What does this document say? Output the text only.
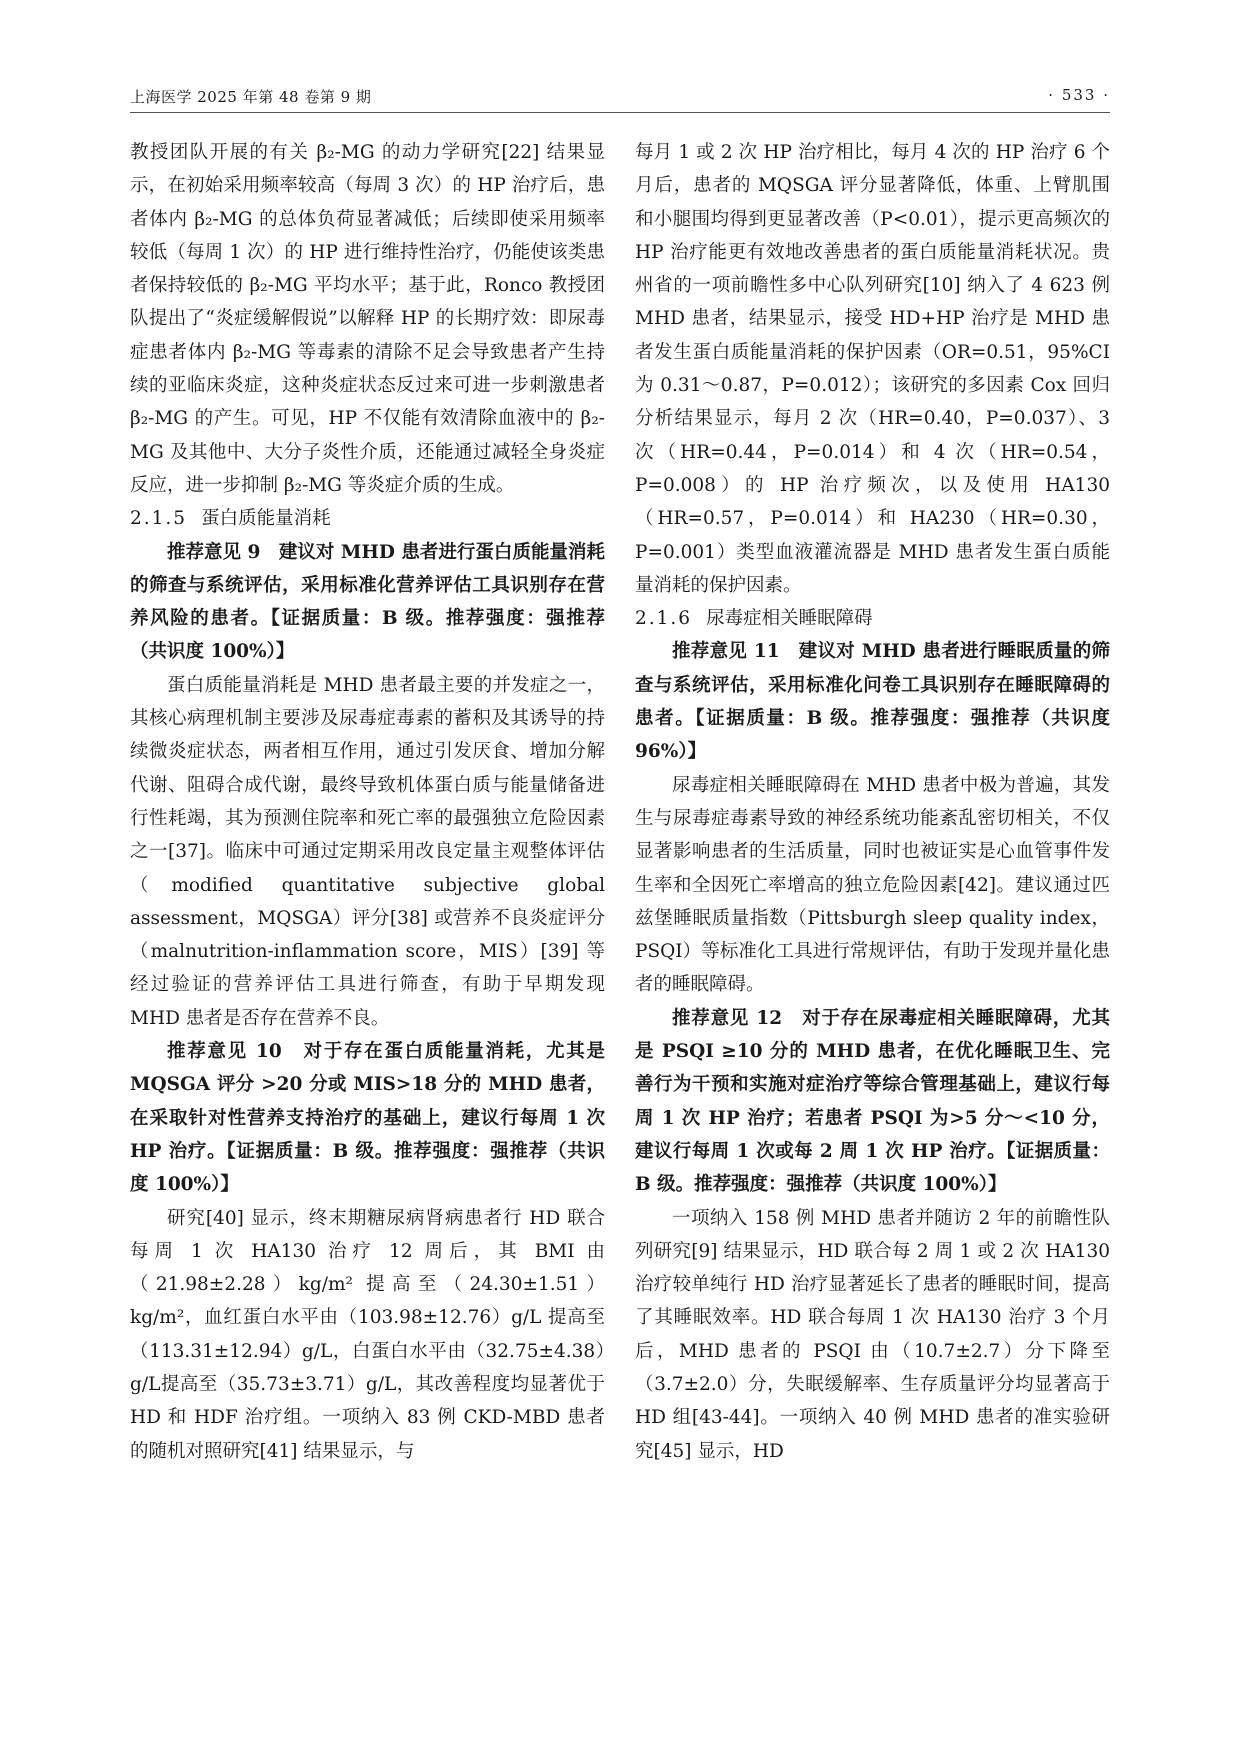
上海医学 2025 年第 48 卷第 9 期	· 533 ·

教授团队开展的有关 β₂-MG 的动力学研究[22] 结果显示，在初始采用频率较高（每周 3 次）的 HP 治疗后，患者体内 β₂-MG 的总体负荷显著减低；后续即使采用频率较低（每周 1 次）的 HP 进行维持性治疗，仍能使该类患者保持较低的 β₂-MG 平均水平；基于此，Ronco 教授团队提出了“炎症缓解假说”以解释 HP 的长期疗效：即尿毒症患者体内 β₂-MG 等毒素的清除不足会导致患者产生持续的亚临床炎症，这种炎症状态反过来可进一步刺激患者 β₂-MG 的产生。可见，HP 不仅能有效清除血液中的 β₂-MG 及其他中、大分子炎性介质，还能通过减轻全身炎症反应，进一步抑制 β₂-MG 等炎症介质的生成。

2.1.5 蛋白质能量消耗

推荐意见 9　建议对 MHD 患者进行蛋白质能量消耗的筛查与系统评估，采用标准化营养评估工具识别存在营养风险的患者。【证据质量：B 级。推荐强度：强推荐（共识度 100%）】

蛋白质能量消耗是 MHD 患者最主要的并发症之一，其核心病理机制主要涉及尿毒症毒素的蓄积及其诱导的持续微炎症状态，两者相互作用，通过引发厌食、增加分解代谢、阻碍合成代谢，最终导致机体蛋白质与能量储备进行性耗竭，其为预测住院率和死亡率的最强独立危险因素之一[37]。临床中可通过定期采用改良定量主观整体评估（modified quantitative subjective global assessment，MQSGA）评分[38] 或营养不良炎症评分（malnutrition-inflammation score，MIS）[39] 等经过验证的营养评估工具进行筛查，有助于早期发现 MHD 患者是否存在营养不良。

推荐意见 10　对于存在蛋白质能量消耗，尤其是 MQSGA 评分 >20 分或 MIS>18 分的 MHD 患者，在采取针对性营养支持治疗的基础上，建议行每周 1 次 HP 治疗。【证据质量：B 级。推荐强度：强推荐（共识度 100%）】

研究[40] 显示，终末期糖尿病肾病患者行 HD 联合每周 1 次 HA130 治疗 12 周后，其 BMI 由（21.98±2.28）kg/m² 提高至（24.30±1.51）kg/m²，血红蛋白水平由（103.98±12.76）g/L 提高至（113.31±12.94）g/L，白蛋白水平由（32.75±4.38）g/L提高至（35.73±3.71）g/L，其改善程度均显著优于 HD 和 HDF 治疗组。一项纳入 83 例 CKD-MBD 患者的随机对照研究[41] 结果显示，与

每月 1 或 2 次 HP 治疗相比，每月 4 次的 HP 治疗 6 个月后，患者的 MQSGA 评分显著降低，体重、上臂肌围和小腿围均得到更显著改善（P<0.01），提示更高频次的 HP 治疗能更有效地改善患者的蛋白质能量消耗状况。贵州省的一项前瞻性多中心队列研究[10] 纳入了 4 623 例 MHD 患者，结果显示，接受 HD+HP 治疗是 MHD 患者发生蛋白质能量消耗的保护因素（OR=0.51，95%CI 为 0.31～0.87，P=0.012）；该研究的多因素 Cox 回归分析结果显示，每月 2 次（HR=0.40，P=0.037）、3 次（HR=0.44，P=0.014）和 4 次（HR=0.54，P=0.008）的 HP 治疗频次，以及使用 HA130（HR=0.57，P=0.014）和 HA230（HR=0.30，P=0.001）类型血液灌流器是 MHD 患者发生蛋白质能量消耗的保护因素。

2.1.6 尿毒症相关睡眠障碍

推荐意见 11　建议对 MHD 患者进行睡眠质量的筛查与系统评估，采用标准化问卷工具识别存在睡眠障碍的患者。【证据质量：B 级。推荐强度：强推荐（共识度 96%）】

尿毒症相关睡眠障碍在 MHD 患者中极为普遍，其发生与尿毒症毒素导致的神经系统功能紊乱密切相关，不仅显著影响患者的生活质量，同时也被证实是心血管事件发生率和全因死亡率增高的独立危险因素[42]。建议通过匹兹堡睡眠质量指数（Pittsburgh sleep quality index，PSQI）等标准化工具进行常规评估，有助于发现并量化患者的睡眠障碍。

推荐意见 12　对于存在尿毒症相关睡眠障碍，尤其是 PSQI ≥10 分的 MHD 患者，在优化睡眠卫生、完善行为干预和实施对症治疗等综合管理基础上，建议行每周 1 次 HP 治疗；若患者 PSQI 为>5 分～<10 分，建议行每周 1 次或每 2 周 1 次 HP 治疗。【证据质量：B 级。推荐强度：强推荐（共识度 100%）】

一项纳入 158 例 MHD 患者并随访 2 年的前瞻性队列研究[9] 结果显示，HD 联合每 2 周 1 或 2 次 HA130 治疗较单纯行 HD 治疗显著延长了患者的睡眠时间，提高了其睡眠效率。HD 联合每周 1 次 HA130 治疗 3 个月后，MHD 患者的 PSQI 由（10.7±2.7）分下降至（3.7±2.0）分，失眠缓解率、生存质量评分均显著高于 HD 组[43-44]。一项纳入 40 例 MHD 患者的准实验研究[45] 显示，HD
